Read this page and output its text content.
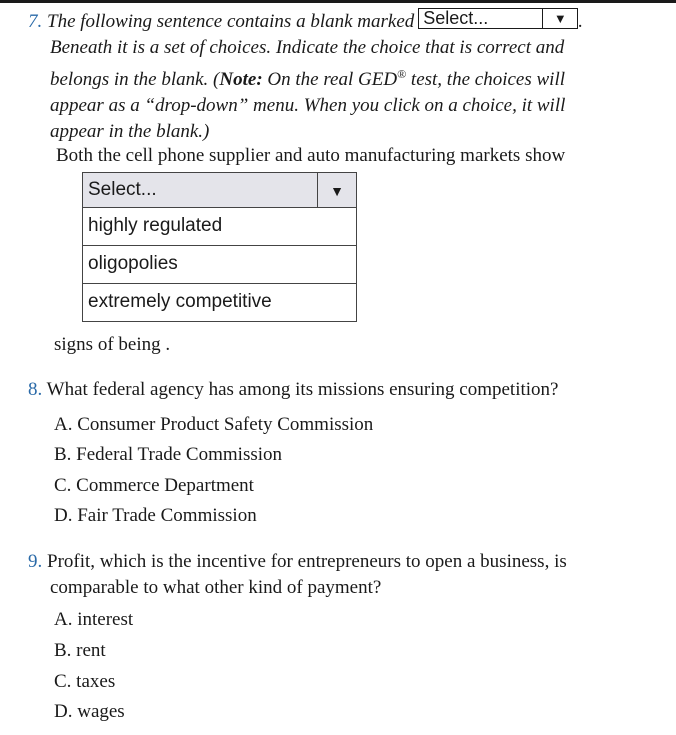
7. The following sentence contains a blank marked Select...	▼ .
Beneath it is a set of choices. Indicate the choice that is correct and
belongs in the blank. (Note: On the real GED® test, the choices will
appear as a “drop-down” menu. When you click on a choice, it will
appear in the blank.)
Both the cell phone supplier and auto manufacturing markets show
Select...	▼
highly regulated
oligopolies
extremely competitive
signs of being .
8. What federal agency has among its missions ensuring competition?
A. Consumer Product Safety Commission
B. Federal Trade Commission
C. Commerce Department
D. Fair Trade Commission
9. Profit, which is the incentive for entrepreneurs to open a business, is
comparable to what other kind of payment?
A. interest
B. rent
C. taxes
D. wages
